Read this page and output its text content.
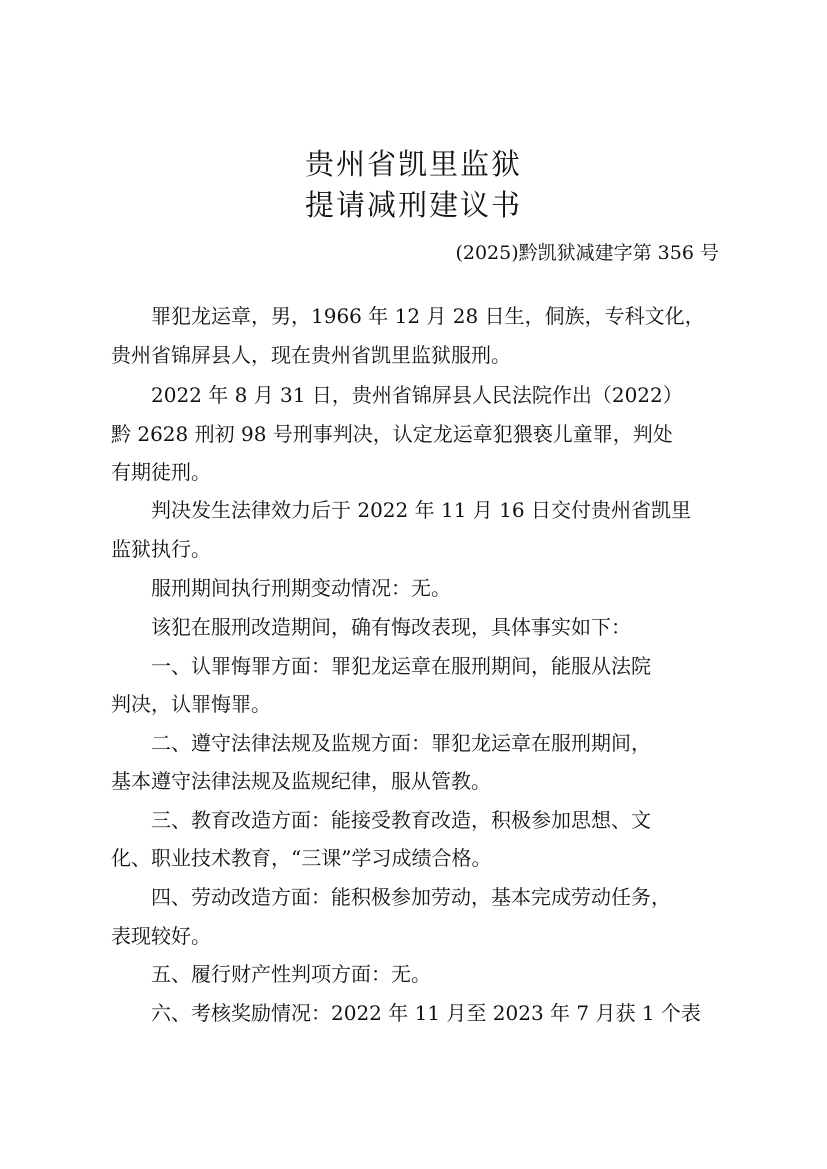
贵州省凯里监狱
提请减刑建议书
(2025)黔凯狱减建字第 356 号
罪犯龙运章，男，1966 年 12 月 28 日生，侗族，专科文化，
贵州省锦屏县人，现在贵州省凯里监狱服刑。
2022 年 8 月 31 日，贵州省锦屏县人民法院作出（2022）
黔 2628 刑初 98 号刑事判决，认定龙运章犯猥亵儿童罪，判处
有期徒刑。
判决发生法律效力后于 2022 年 11 月 16 日交付贵州省凯里
监狱执行。
服刑期间执行刑期变动情况：无。
该犯在服刑改造期间，确有悔改表现，具体事实如下：
一、认罪悔罪方面：罪犯龙运章在服刑期间，能服从法院
判决，认罪悔罪。
二、遵守法律法规及监规方面：罪犯龙运章在服刑期间，
基本遵守法律法规及监规纪律，服从管教。
三、教育改造方面：能接受教育改造，积极参加思想、文
化、职业技术教育，“三课”学习成绩合格。
四、劳动改造方面：能积极参加劳动，基本完成劳动任务，
表现较好。
五、履行财产性判项方面：无。
六、考核奖励情况：2022 年 11 月至 2023 年 7 月获 1 个表
